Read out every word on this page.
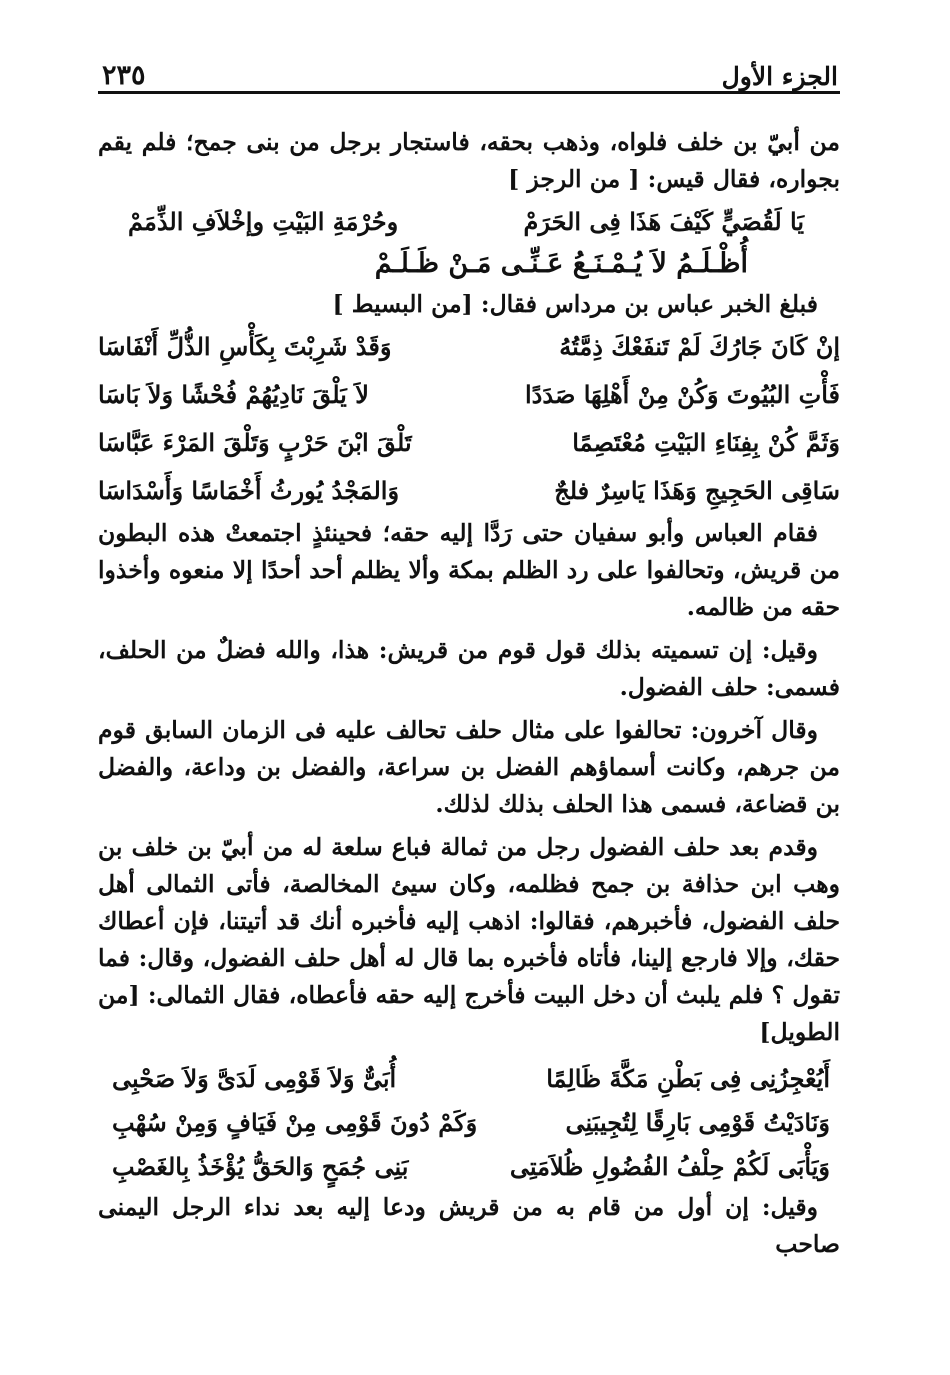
الجزء الأول
٢٣٥

من أبيّ بن خلف فلواه، وذهب بحقه، فاستجار برجل من بنى جمح؛ فلم يقم بجواره، فقال قيس: [ من الرجز ]

يَا لَقُصَيٍّ كَيْفَ هَذَا فِى الحَرَمْ
وحُرْمَةِ البَيْتِ وإخْلاَفِ الذِّمَمْ
أُظْـلَـمُ لاَ يُـمْـنَـعُ عَـنِّـى مَـنْ ظَـلَـمْ

فبلغ الخبر عباس بن مرداس فقال: [من البسيط ]

إنْ كَانَ جَارُكَ لَمْ تَنفَعْكَ ذِمَّتُهُ
وَقَدْ شَرِبْتَ بِكَأْسِ الذُّلِّ أَنْفَاسَا
فَأْتِ البُيُوتَ وَكُنْ مِنْ أَهْلِهَا صَدَدًا
لاَ يَلْقَ نَادِيُهُمْ فُحْشًا وَلاَ بَاسَا
وَثَمَّ كُنْ بِفِنَاءِ البَيْتِ مُعْتَصِمًا
تَلْقَ ابْنَ حَرْبٍ وَتَلْقَ المَرْءَ عَبَّاسَا
سَاقِى الحَجِيجِ وَهَذَا يَاسِرٌ فلجٌ
وَالمَجْدُ يُورثُ أَخْمَاسًا وَأَسْدَاسَا

فقام العباس وأبو سفيان حتى رَدَّا إليه حقه؛ فحينئذٍ اجتمعتْ هذه البطون من قريش، وتحالفوا على رد الظلم بمكة وألا يظلم أحد أحدًا إلا منعوه وأخذوا حقه من ظالمه.

وقيل: إن تسميته بذلك قول قوم من قريش: هذا، والله فضلٌ من الحلف، فسمى: حلف الفضول.

وقال آخرون: تحالفوا على مثال حلف تحالف عليه فى الزمان السابق قوم من جرهم، وكانت أسماؤهم الفضل بن سراعة، والفضل بن وداعة، والفضل بن قضاعة، فسمى هذا الحلف بذلك لذلك.

وقدم بعد حلف الفضول رجل من ثمالة فباع سلعة له من أبيّ بن خلف بن وهب ابن حذافة بن جمح فظلمه، وكان سيئ المخالصة، فأتى الثمالى أهل حلف الفضول، فأخبرهم، فقالوا: اذهب إليه فأخبره أنك قد أتيتنا، فإن أعطاك حقك، وإلا فارجع إلينا، فأتاه فأخبره بما قال له أهل حلف الفضول، وقال: فما تقول ؟ فلم يلبث أن دخل البيت فأخرج إليه حقه فأعطاه، فقال الثمالى: [من الطويل]

أَيُعْجِزُنِى فِى بَطْنِ مَكَّةَ ظَالِمًا
أُبَىٌّ وَلاَ قَوْمِى لَدَىَّ وَلاَ صَحْبِى
وَنَادَيْتُ قَوْمِى بَارِقًا لِتُجِيبَنِى
وَكَمْ دُونَ قَوْمِى مِنْ فَيَافٍ وَمِنْ سُهْبِ
وَيَأْبَى لَكُمْ حِلْفُ الفُضُولِ ظُلاَمَتِى
بَنِى جُمَحٍ وَالحَقُّ يُؤْخَذُ بِالغَصْبِ

وقيل: إن أول من قام به من قريش ودعا إليه بعد نداء الرجل اليمنى صاحب
